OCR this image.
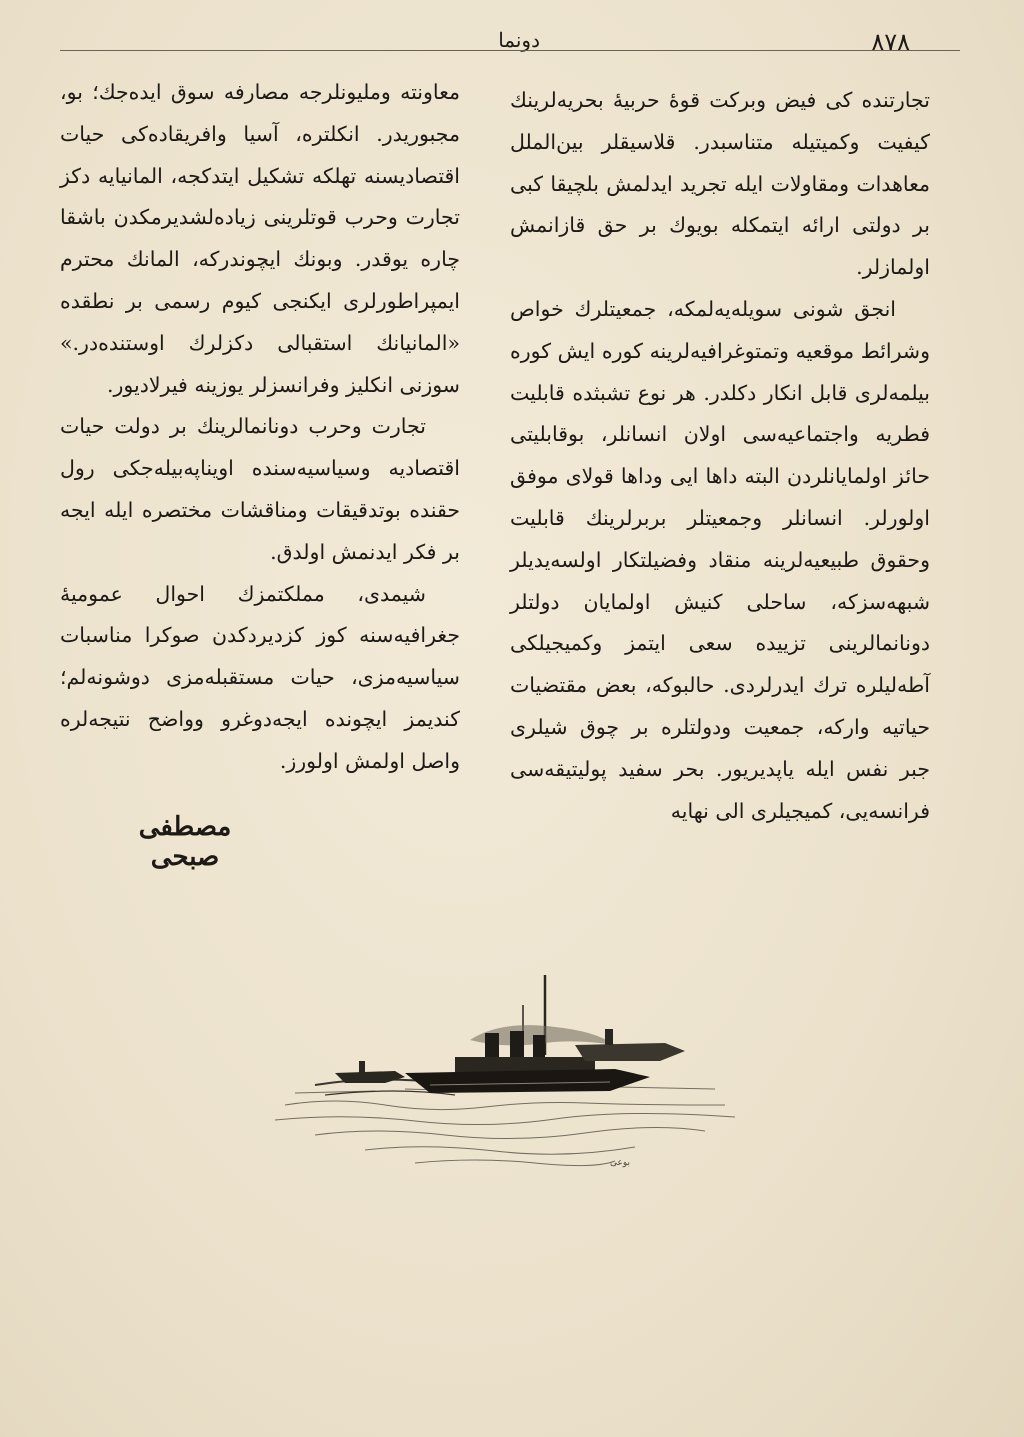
۸۷۸
دونما

تجارتنده کی فیض وبرکت قوهٔ حربیهٔ بحریه‌لرینك کیفیت وکمیتیله متناسبدر. قلاسیقلر بین‌الملل معاهدات ومقاولات ایله تجرید ایدلمش بلچیقا کبی بر دولتی ارائه ایتمکله بویوك بر حق قازانمش اولمازلر.

انجق شونی سویله‌یه‌لمکه، جمعیتلرك خواص وشرائط موقعیه وتمتوغرافیه‌لرینه کوره ایش کوره بیلمه‌لری قابل انکار دکلدر. هر نوع تشبثده قابلیت فطریه واجتماعیه‌سی اولان انسانلر، بوقابلیتی حائز اولمایانلردن البته داها ایی وداها قولای موفق اولورلر. انسانلر وجمعیتلر بربرلرینك قابلیت وحقوق طبیعیه‌لرینه منقاد وفضیلتکار اولسه‌یدیلر شبهه‌سزکه، ساحلی کنیش اولمایان دولتلر دونانمالرینی تزییده سعی ایتمز وکمیجیلکی آطه‌لیلره ترك ایدرلردی. حالبوکه، بعض مقتضیات حیاتیه وارکه، جمعیت ودولتلره بر چوق شیلری جبر نفس ایله یاپدیریور. بحر سفید پولیتیقه‌سی فرانسه‌یی، کمیجیلری الی نهایه

معاونته وملیونلرجه مصارفه سوق ایده‌جك؛ بو، مجبوریدر. انکلتره، آسیا وافریقاده‌کی حیات اقتصادیسنه تهلکه تشکیل ایتدکجه، المانیایه دکز تجارت وحرب قوتلرینی زیاده‌لشدیرمکدن باشقا چاره یوقدر. وبونك ایچوندرکه، المانك محترم ایمپراطورلری ایکنجی کیوم رسمی بر نطقده «المانیانك استقبالی دکزلرك اوستنده‌در.» سوزنی انکلیز وفرانسزلر یوزینه فیرلادیور.

تجارت وحرب دونانمالرینك بر دولت حیات اقتصادیه وسیاسیه‌سنده اویناپه‌بیله‌جکی رول حقنده بوتدقیقات ومناقشات مختصره ایله ایجه بر فکر ایدنمش اولدق.

شیمدی، مملکتمزك احوال عمومیهٔ جغرافیه‌سنه کوز کزدیردکدن صوکرا مناسبات سیاسیه‌مزی، حیات مستقبله‌مزی دوشونه‌لم؛ کندیمز ایچونده ایجه‌دوغرو وواضح نتیجه‌لره واصل اولمش اولورز.

مصطفی صبحی
بوعی
